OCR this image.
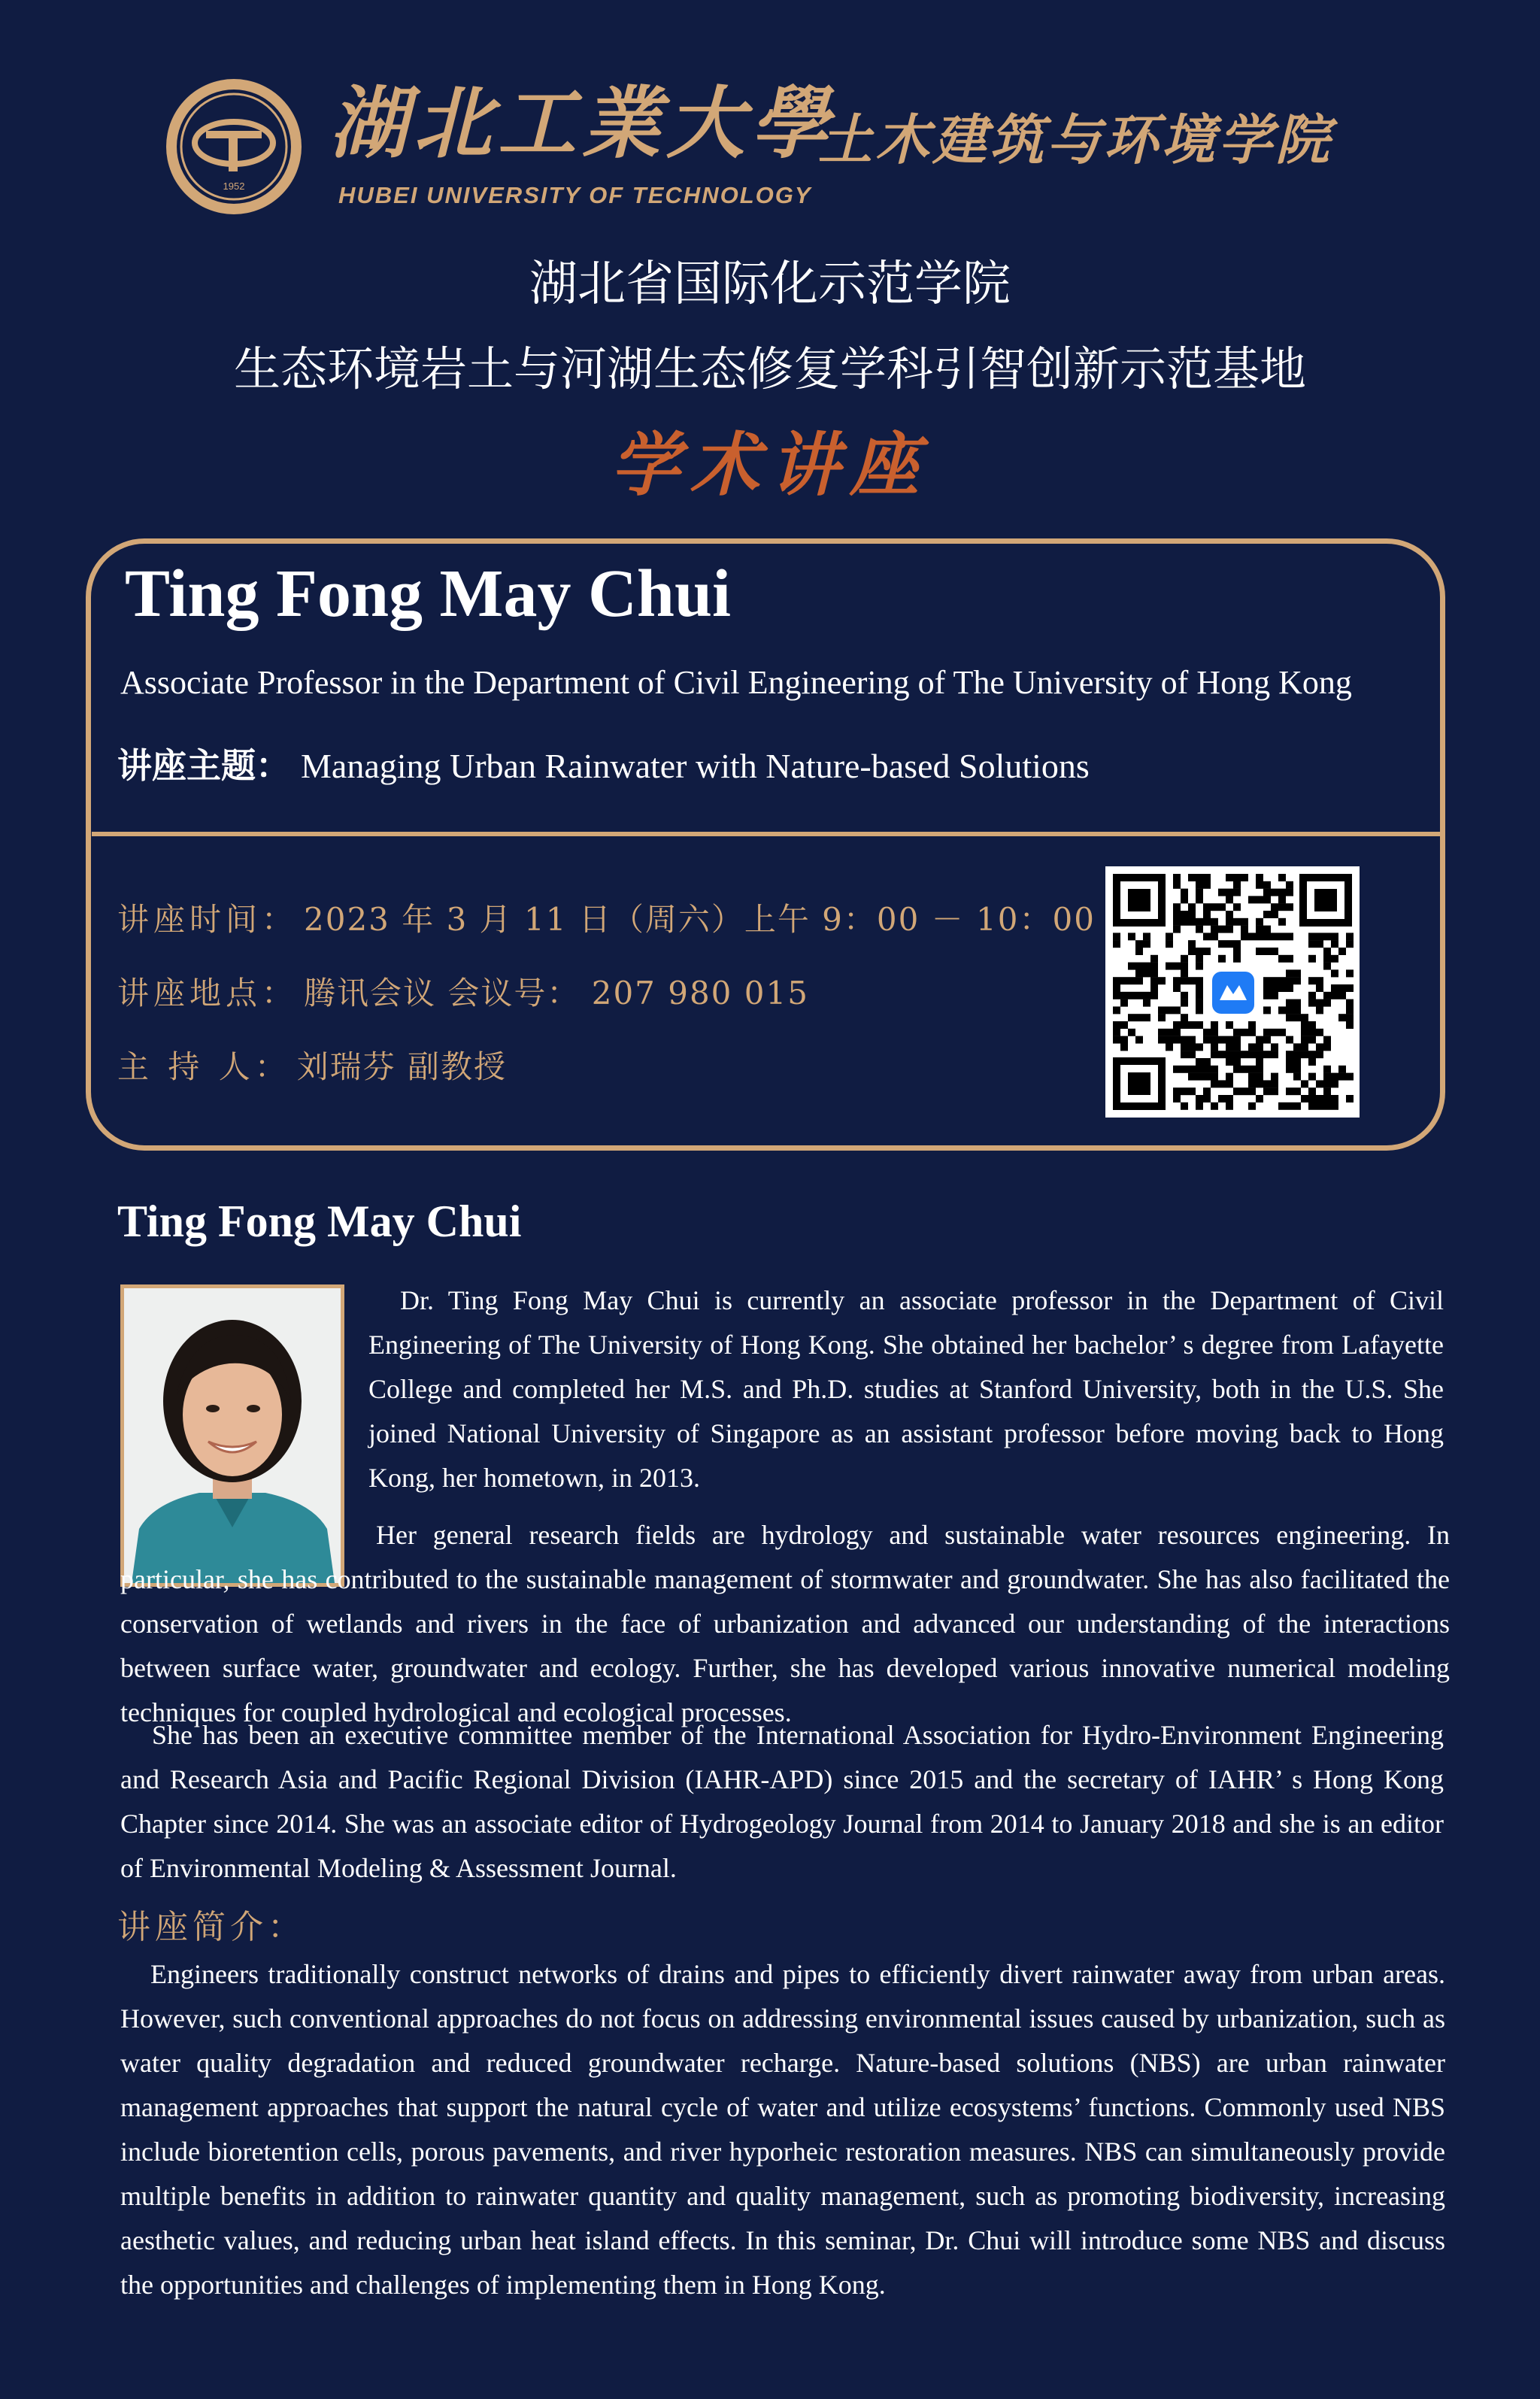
1952
湖北工業大學
HUBEI UNIVERSITY OF TECHNOLOGY
土木建筑与环境学院
湖北省国际化示范学院
生态环境岩土与河湖生态修复学科引智创新示范基地
学术讲座
Ting Fong May Chui
Associate Professor in the Department of Civil Engineering of The University of Hong Kong
讲座主题： Managing Urban Rainwater with Nature-based Solutions
讲座时间： 2023 年 3 月 11 日（周六）上午 9：00 － 10：00
讲座地点： 腾讯会议 会议号： 207 980 015
主 持 人： 刘瑞芬 副教授
Ting Fong May Chui
Dr. Ting Fong May Chui is currently an associate professor in the Department of Civil Engineering of The University of Hong Kong. She obtained her bachelor’ s degree from Lafayette College and completed her M.S. and Ph.D. studies at Stanford University, both in the U.S. She joined National University of Singapore as an assistant professor before moving back to Hong Kong, her hometown, in 2013.
Her general research fields are hydrology and sustainable water resources engineering. In particular, she has contributed to the sustainable management of stormwater and groundwater. She has also facilitated the conservation of wetlands and rivers in the face of urbanization and advanced our understanding of the interactions between surface water, groundwater and ecology. Further, she has developed various innovative numerical modeling techniques for coupled hydrological and ecological processes.
She has been an executive committee member of the International Association for Hydro-Environment Engineering and Research Asia and Pacific Regional Division (IAHR-APD) since 2015 and the secretary of IAHR’ s Hong Kong Chapter since 2014. She was an associate editor of Hydrogeology Journal from 2014 to January 2018 and she is an editor of Environmental Modeling & Assessment Journal.
讲座简介：
Engineers traditionally construct networks of drains and pipes to efficiently divert rainwater away from urban areas. However, such conventional approaches do not focus on addressing environmental issues caused by urbanization, such as water quality degradation and reduced groundwater recharge. Nature-based solutions (NBS) are urban rainwater management approaches that support the natural cycle of water and utilize ecosystems’ functions. Commonly used NBS include bioretention cells, porous pavements, and river hyporheic restoration measures. NBS can simultaneously provide multiple benefits in addition to rainwater quantity and quality management, such as promoting biodiversity, increasing aesthetic values, and reducing urban heat island effects. In this seminar, Dr. Chui will introduce some NBS and discuss the opportunities and challenges of implementing them in Hong Kong.
